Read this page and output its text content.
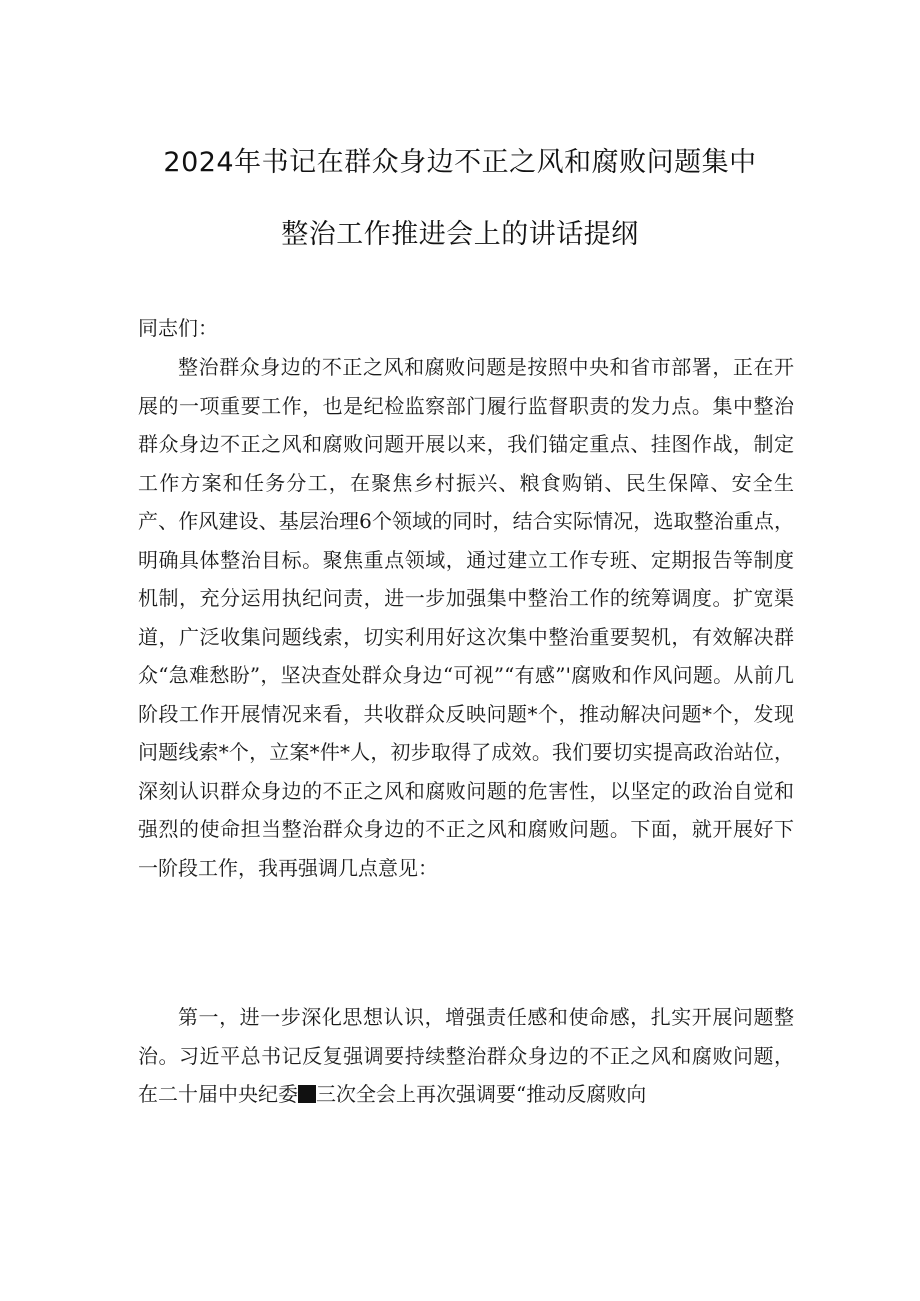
2024年书记在群众身边不正之风和腐败问题集中
整治工作推进会上的讲话提纲
同志们：

整治群众身边的不正之风和腐败问题是按照中央和省市部署，正在开展的一项重要工作，也是纪检监察部门履行监督职责的发力点。集中整治群众身边不正之风和腐败问题开展以来，我们锚定重点、挂图作战，制定工作方案和任务分工，在聚焦乡村振兴、粮食购销、民生保障、安全生产、作风建设、基层治理6个领域的同时，结合实际情况，选取整治重点，明确具体整治目标。聚焦重点领域，通过建立工作专班、定期报告等制度机制，充分运用执纪问责，进一步加强集中整治工作的统筹调度。扩宽渠道，广泛收集问题线索，切实利用好这次集中整治重要契机，有效解决群众“急难愁盼”，坚决查处群众身边“可视”“有感”'腐败和作风问题。从前几阶段工作开展情况来看，共收群众反映问题*个，推动解决问题*个，发现问题线索*个，立案*件*人，初步取得了成效。我们要切实提高政治站位，深刻认识群众身边的不正之风和腐败问题的危害性，以坚定的政治自觉和强烈的使命担当整治群众身边的不正之风和腐败问题。下面，就开展好下一阶段工作，我再强调几点意见：

第一，进一步深化思想认识，增强责任感和使命感，扎实开展问题整治。习近平总书记反复强调要持续整治群众身边的不正之风和腐败问题，在二十届中央纪委 三次全会上再次强调要“推动反腐败向
